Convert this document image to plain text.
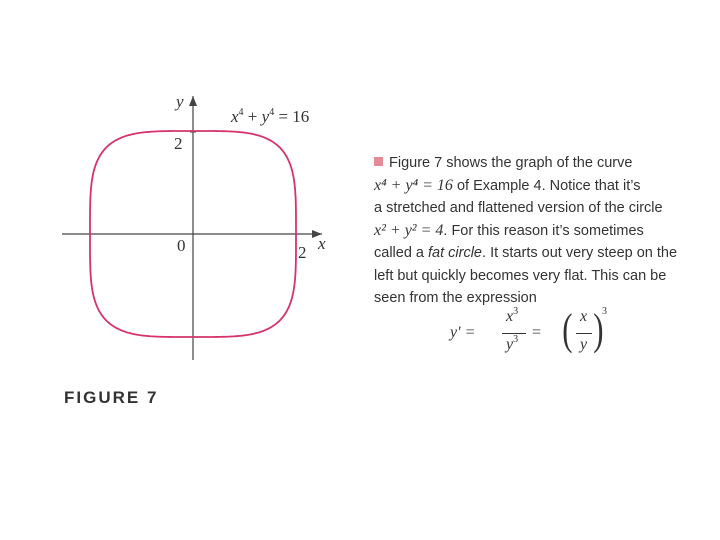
y
x
2
2
0
$x^4 + y^4 = 16$
FIGURE 7
Figure 7 shows the graph of the curve
x⁴ + y⁴ = 16 of Example 4. Notice that it’s
a stretched and flattened version of the circle
x² + y² = 4. For this reason it’s sometimes
called a fat circle. It starts out very steep on the
left but quickly becomes very flat. This can be
seen from the expression
y′ =
$x^3$
$y^3$ = ( x
y )
3
